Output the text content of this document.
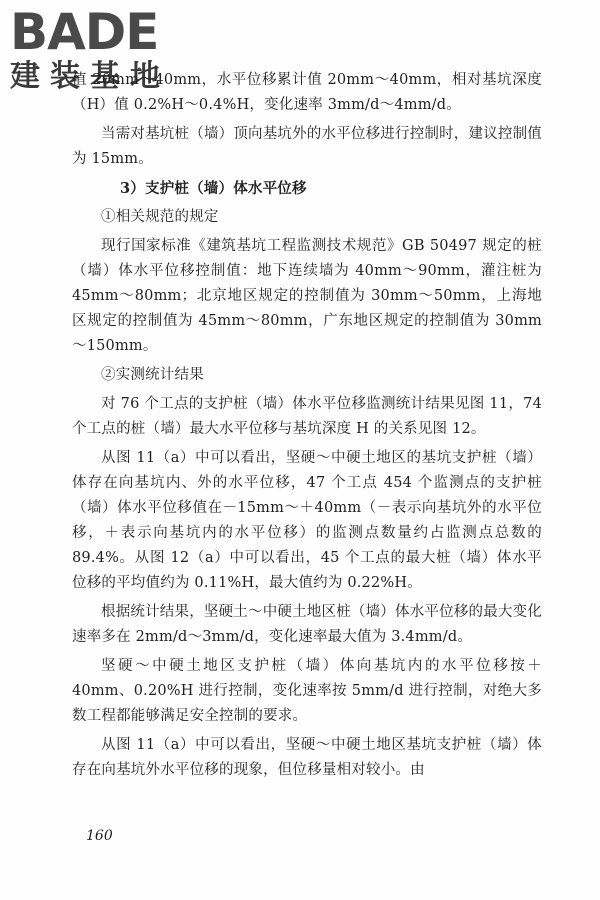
BADE
建装基地

值 20mm～40mm，水平位移累计值 20mm～40mm，相对基坑深度（H）值 0.2%H～0.4%H，变化速率 3mm/d～4mm/d。

当需对基坑桩（墙）顶向基坑外的水平位移进行控制时，建议控制值为 15mm。

3）支护桩（墙）体水平位移

①相关规范的规定

现行国家标准《建筑基坑工程监测技术规范》GB 50497 规定的桩（墙）体水平位移控制值：地下连续墙为 40mm～90mm，灌注桩为 45mm～80mm；北京地区规定的控制值为 30mm～50mm，上海地区规定的控制值为 45mm～80mm，广东地区规定的控制值为 30mm～150mm。

②实测统计结果

对 76 个工点的支护桩（墙）体水平位移监测统计结果见图 11，74 个工点的桩（墙）最大水平位移与基坑深度 H 的关系见图 12。

从图 11（a）中可以看出，坚硬～中硬土地区的基坑支护桩（墙）体存在向基坑内、外的水平位移，47 个工点 454 个监测点的支护桩（墙）体水平位移值在－15mm～＋40mm（－表示向基坑外的水平位移，＋表示向基坑内的水平位移）的监测点数量约占监测点总数的 89.4%。从图 12（a）中可以看出，45 个工点的最大桩（墙）体水平位移的平均值约为 0.11%H，最大值约为 0.22%H。

根据统计结果，坚硬土～中硬土地区桩（墙）体水平位移的最大变化速率多在 2mm/d～3mm/d，变化速率最大值为 3.4mm/d。

坚硬～中硬土地区支护桩（墙）体向基坑内的水平位移按＋40mm、0.20%H 进行控制，变化速率按 5mm/d 进行控制，对绝大多数工程都能够满足安全控制的要求。

从图 11（a）中可以看出，坚硬～中硬土地区基坑支护桩（墙）体存在向基坑外水平位移的现象，但位移量相对较小。由

160
